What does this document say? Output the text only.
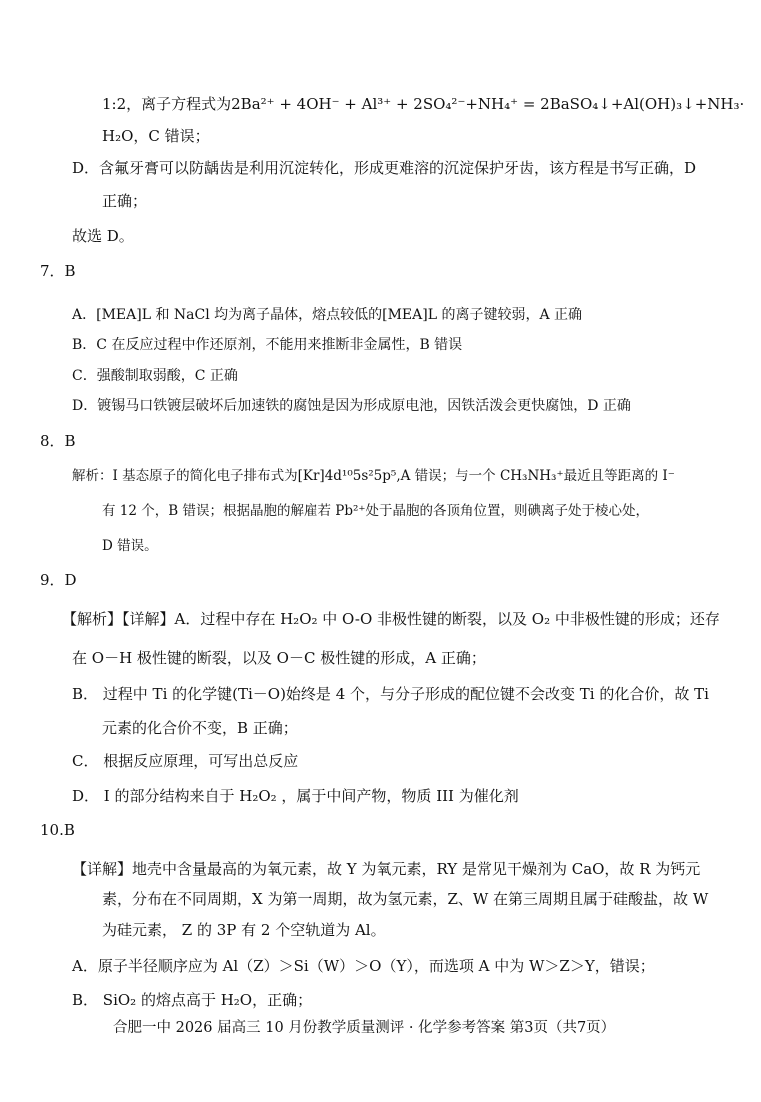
1:2，离子方程式为2Ba²⁺ + 4OH⁻ + Al³⁺ + 2SO₄²⁻+NH₄⁺ = 2BaSO₄↓+Al(OH)₃↓+NH₃·
H₂O，C 错误；
D．含氟牙膏可以防龋齿是利用沉淀转化，形成更难溶的沉淀保护牙齿，该方程是书写正确，D
正确；
故选 D。
7．B
A．[MEA]L 和 NaCl 均为离子晶体，熔点较低的[MEA]L 的离子键较弱，A 正确
B．C 在反应过程中作还原剂，不能用来推断非金属性，B 错误
C．强酸制取弱酸，C 正确
D．镀锡马口铁镀层破坏后加速铁的腐蚀是因为形成原电池，因铁活泼会更快腐蚀，D 正确
8．B
解析：I 基态原子的简化电子排布式为[Kr]4d¹⁰5s²5p⁵,A 错误；与一个 CH₃NH₃⁺最近且等距离的 I⁻
有 12 个，B 错误；根据晶胞的解雇若 Pb²⁺处于晶胞的各顶角位置，则碘离子处于棱心处，
D 错误。
9．D
【解析】【详解】A．过程中存在 H₂O₂ 中 O-O 非极性键的断裂，以及 O₂ 中非极性键的形成；还存
在 O－H 极性键的断裂，以及 O－C 极性键的形成，A 正确；
B． 过程中 Ti 的化学键(Ti－O)始终是 4 个，与分子形成的配位键不会改变 Ti 的化合价，故 Ti
元素的化合价不变，B 正确；
C． 根据反应原理，可写出总反应
D． I 的部分结构来自于 H₂O₂ ，属于中间产物，物质 III 为催化剂
10.B
【详解】地壳中含量最高的为氧元素，故 Y 为氧元素，RY 是常见干燥剂为 CaO，故 R 为钙元
素，分布在不同周期，X 为第一周期，故为氢元素，Z、W 在第三周期且属于硅酸盐，故 W
为硅元素， Z 的 3P 有 2 个空轨道为 Al。
A．原子半径顺序应为 Al（Z）＞Si（W）＞O（Y），而选项 A 中为 W＞Z＞Y，错误；
B． SiO₂ 的熔点高于 H₂O，正确；
合肥一中 2026 届高三 10 月份教学质量测评 · 化学参考答案 第3页（共7页）
